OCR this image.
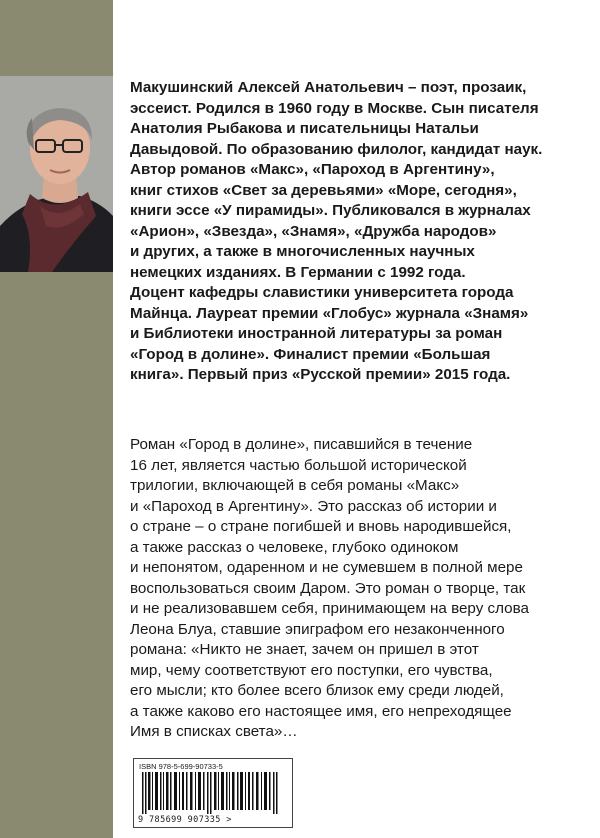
Макушинский Алексей Анатольевич – поэт, прозаик,
эссеист. Родился в 1960 году в Москве. Сын писателя
Анатолия Рыбакова и писательницы Натальи
Давыдовой. По образованию филолог, кандидат наук.
Автор романов «Макс», «Пароход в Аргентину»,
книг стихов «Свет за деревьями» «Море, сегодня»,
книги эссе «У пирамиды». Публиковался в журналах
«Арион», «Звезда», «Знамя», «Дружба народов»
и других, а также в многочисленных научных
немецких изданиях. В Германии с 1992 года.
Доцент кафедры славистики университета города
Майнца. Лауреат премии «Глобус» журнала «Знамя»
и Библиотеки иностранной литературы за роман
«Город в долине». Финалист премии «Большая
книга». Первый приз «Русской премии» 2015 года.

Роман «Город в долине», писавшийся в течение
16 лет, является частью большой исторической
трилогии, включающей в себя романы «Макс»
и «Пароход в Аргентину». Это рассказ об истории и
о стране – о стране погибшей и вновь народившейся,
а также рассказ о человеке, глубоко одиноком
и непонятом, одаренном и не сумевшем в полной мере
воспользоваться своим Даром. Это роман о творце, так
и не реализовавшем себя, принимающем на веру слова
Леона Блуа, ставшие эпиграфом его незаконченного
романа: «Никто не знает, зачем он пришел в этот
мир, чему соответствуют его поступки, его чувства,
его мысли; кто более всего близок ему среди людей,
а также каково его настоящее имя, его непреходящее
Имя в списках света»…

ISBN 978-5-699-90733-5
9 785699 907335 >
